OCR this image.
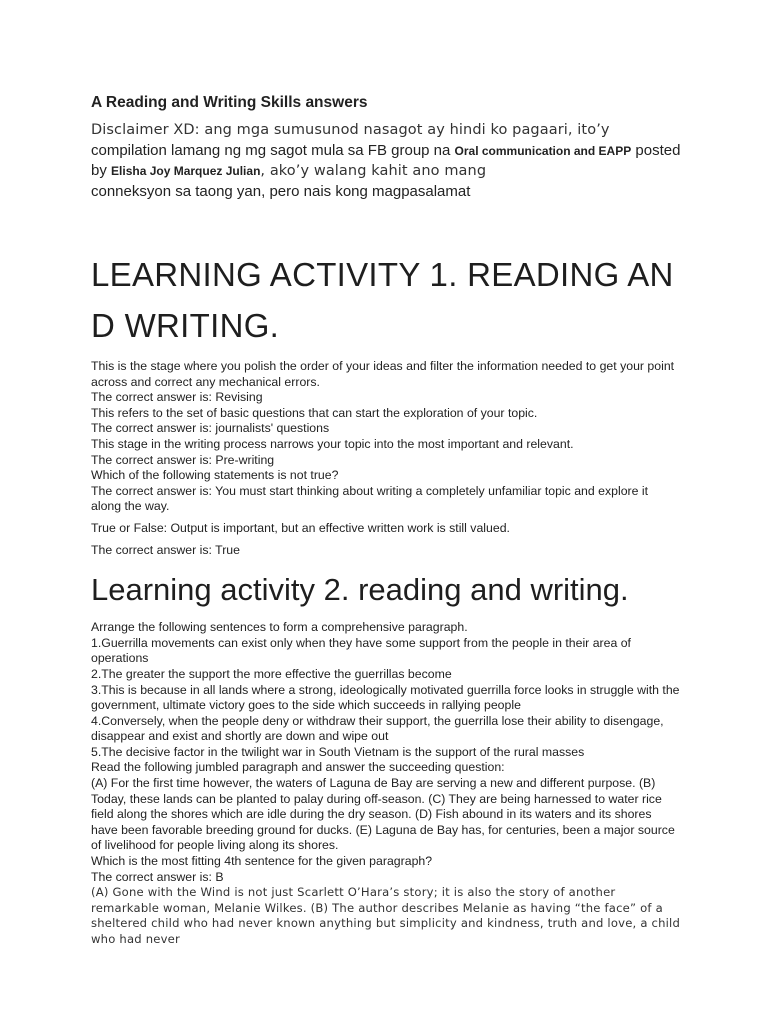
A Reading and Writing Skills answers

Disclaimer XD: ang mga sumusunod nasagot ay hindi ko pagaari, ito’y
compilation lamang ng mg sagot mula sa FB group na Oral communication and EAPP posted by Elisha Joy Marquez Julian, ako’y walang kahit ano mang
conneksyon sa taong yan, pero nais kong magpasalamat

LEARNING ACTIVITY 1. READING AND WRITING.
This is the stage where you polish the order of your ideas and filter the information needed to get your point across and correct any mechanical errors.
The correct answer is: Revising
This refers to the set of basic questions that can start the exploration of your topic.
The correct answer is: journalists' questions
This stage in the writing process narrows your topic into the most important and relevant.
The correct answer is: Pre-writing
Which of the following statements is not true?
The correct answer is: You must start thinking about writing a completely unfamiliar topic and explore it along the way.
True or False: Output is important, but an effective written work is still valued.
The correct answer is: True
Learning activity 2. reading and writing.
Arrange the following sentences to form a comprehensive paragraph.
1.Guerrilla movements can exist only when they have some support from the people in their area of operations
2.The greater the support the more effective the guerrillas become
3.This is because in all lands where a strong, ideologically motivated guerrilla force looks in struggle with the government, ultimate victory goes to the side which succeeds in rallying people
4.Conversely, when the people deny or withdraw their support, the guerrilla lose their ability to disengage, disappear and exist and shortly are down and wipe out
5.The decisive factor in the twilight war in South Vietnam is the support of the rural masses
Read the following jumbled paragraph and answer the succeeding question:
(A) For the first time however, the waters of Laguna de Bay are serving a new and different purpose. (B) Today, these lands can be planted to palay during off-season. (C) They are being harnessed to water rice field along the shores which are idle during the dry season. (D) Fish abound in its waters and its shores have been favorable breeding ground for ducks. (E) Laguna de Bay has, for centuries, been a major source of livelihood for people living along its shores.
Which is the most fitting 4th sentence for the given paragraph?
The correct answer is: B
(A) Gone with the Wind is not just Scarlett O’Hara’s story; it is also the story of another remarkable woman, Melanie Wilkes. (B) The author describes Melanie as having “the face” of a sheltered child who had never known anything but simplicity and kindness, truth and love, a child who had never
